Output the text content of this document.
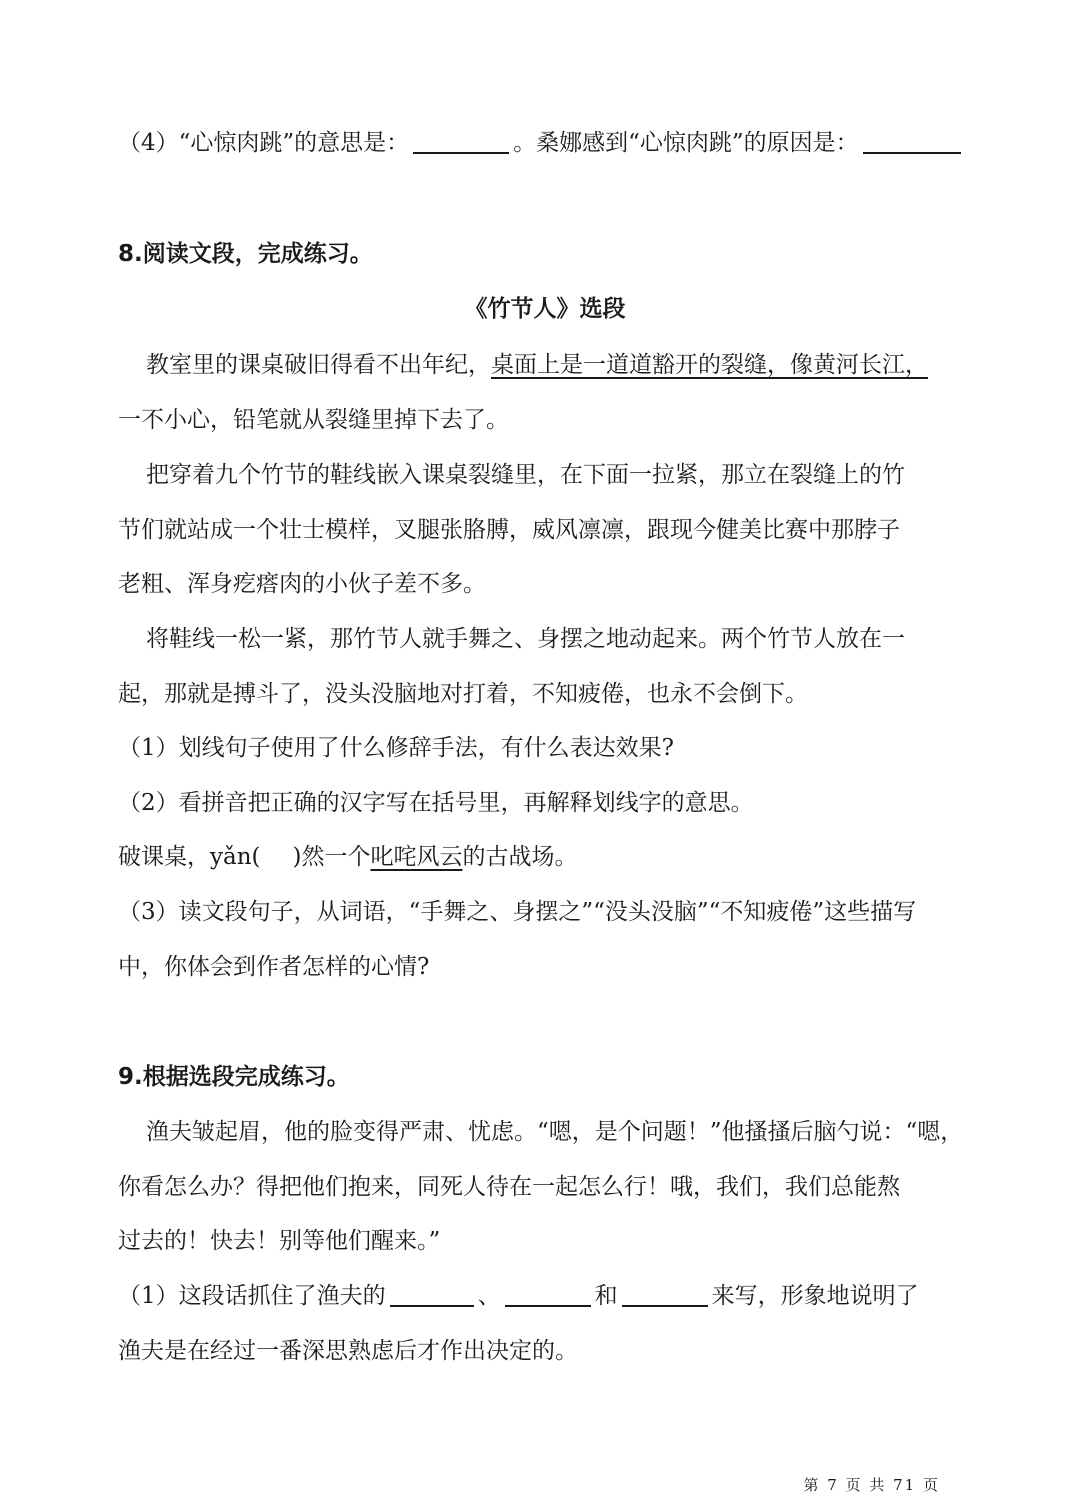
（4）“心惊肉跳”的意思是：	。桑娜感到“心惊肉跳”的原因是：
8.阅读文段，完成练习。
《竹节人》选段
教室里的课桌破旧得看不出年纪，桌面上是一道道豁开的裂缝，像黄河长江，
一不小心，铅笔就从裂缝里掉下去了。
把穿着九个竹节的鞋线嵌入课桌裂缝里，在下面一拉紧，那立在裂缝上的竹
节们就站成一个壮士模样，叉腿张胳膊，威风凛凛，跟现今健美比赛中那脖子
老粗、浑身疙瘩肉的小伙子差不多。
将鞋线一松一紧，那竹节人就手舞之、身摆之地动起来。两个竹节人放在一
起，那就是搏斗了，没头没脑地对打着，不知疲倦，也永不会倒下。
（1）划线句子使用了什么修辞手法，有什么表达效果?
（2）看拼音把正确的汉字写在括号里，再解释划线字的意思。
破课桌，yǎn( )然一个叱咤风云的古战场。
（3）读文段句子，从词语，“手舞之、身摆之”“没头没脑”“不知疲倦”这些描写
中，你体会到作者怎样的心情?
9.根据选段完成练习。
渔夫皱起眉，他的脸变得严肃、忧虑。“嗯，是个问题！”他搔搔后脑勺说：“嗯，
你看怎么办？得把他们抱来，同死人待在一起怎么行！哦，我们，我们总能熬
过去的！快去！别等他们醒来。”
（1）这段话抓住了渔夫的	、	和	来写，形象地说明了
渔夫是在经过一番深思熟虑后才作出决定的。
第 7 页 共 71 页
